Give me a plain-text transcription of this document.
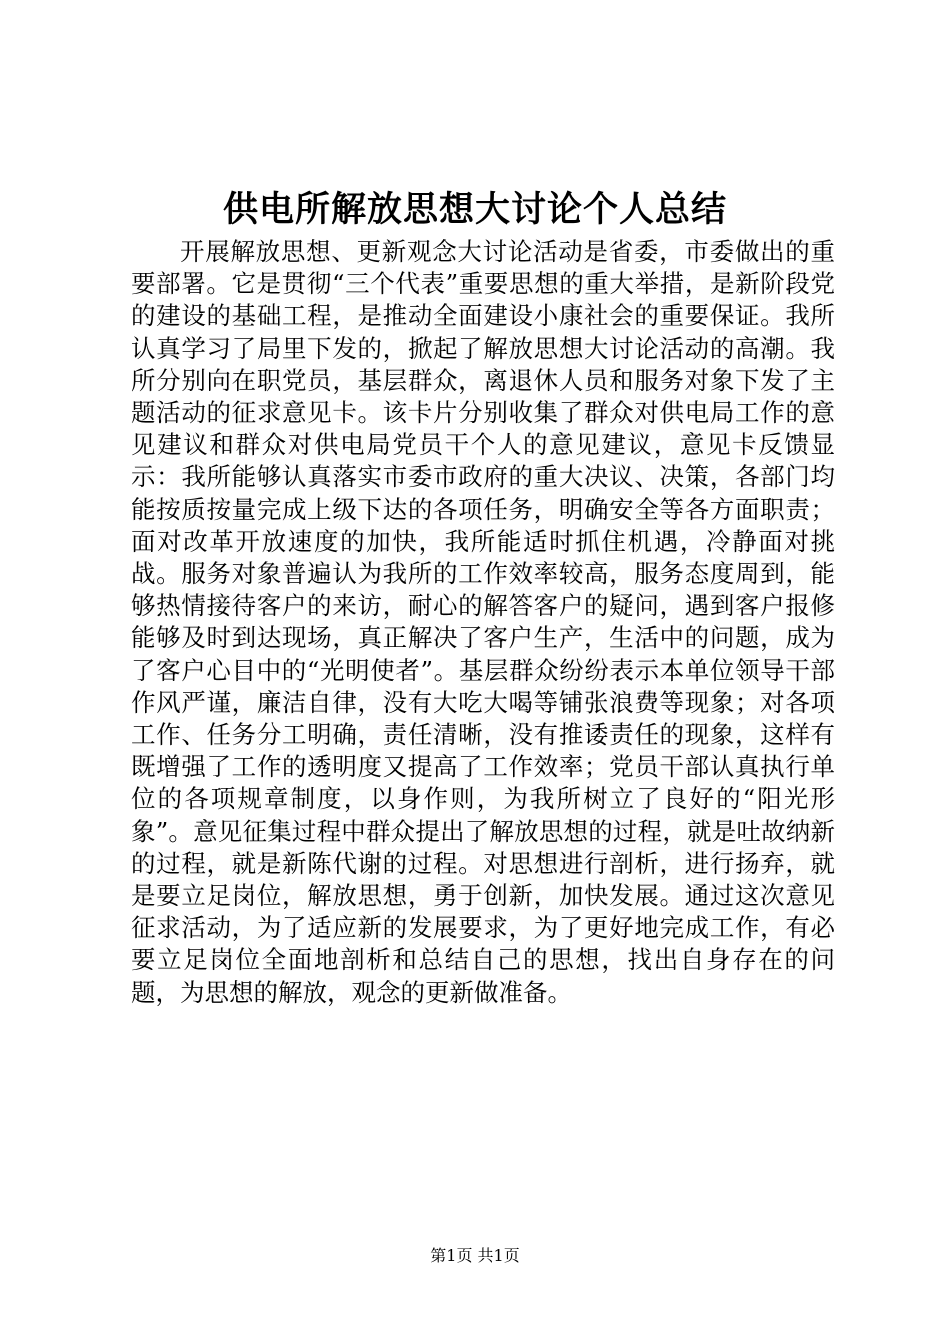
供电所解放思想大讨论个人总结

开展解放思想、更新观念大讨论活动是省委，市委做出的重要部署。它是贯彻“三个代表”重要思想的重大举措，是新阶段党的建设的基础工程，是推动全面建设小康社会的重要保证。我所认真学习了局里下发的，掀起了解放思想大讨论活动的高潮。我所分别向在职党员，基层群众，离退休人员和服务对象下发了主题活动的征求意见卡。该卡片分别收集了群众对供电局工作的意见建议和群众对供电局党员干个人的意见建议，意见卡反馈显示：我所能够认真落实市委市政府的重大决议、决策，各部门均能按质按量完成上级下达的各项任务，明确安全等各方面职责；面对改革开放速度的加快，我所能适时抓住机遇，冷静面对挑战。服务对象普遍认为我所的工作效率较高，服务态度周到，能够热情接待客户的来访，耐心的解答客户的疑问，遇到客户报修能够及时到达现场，真正解决了客户生产，生活中的问题，成为了客户心目中的“光明使者”。基层群众纷纷表示本单位领导干部作风严谨，廉洁自律，没有大吃大喝等铺张浪费等现象；对各项工作、任务分工明确，责任清晰，没有推诿责任的现象，这样有既增强了工作的透明度又提高了工作效率；党员干部认真执行单位的各项规章制度，以身作则，为我所树立了良好的“阳光形象”。意见征集过程中群众提出了解放思想的过程，就是吐故纳新的过程，就是新陈代谢的过程。对思想进行剖析，进行扬弃，就是要立足岗位，解放思想，勇于创新，加快发展。通过这次意见征求活动，为了适应新的发展要求，为了更好地完成工作，有必要立足岗位全面地剖析和总结自己的思想，找出自身存在的问题，为思想的解放，观念的更新做准备。

第1页 共1页
